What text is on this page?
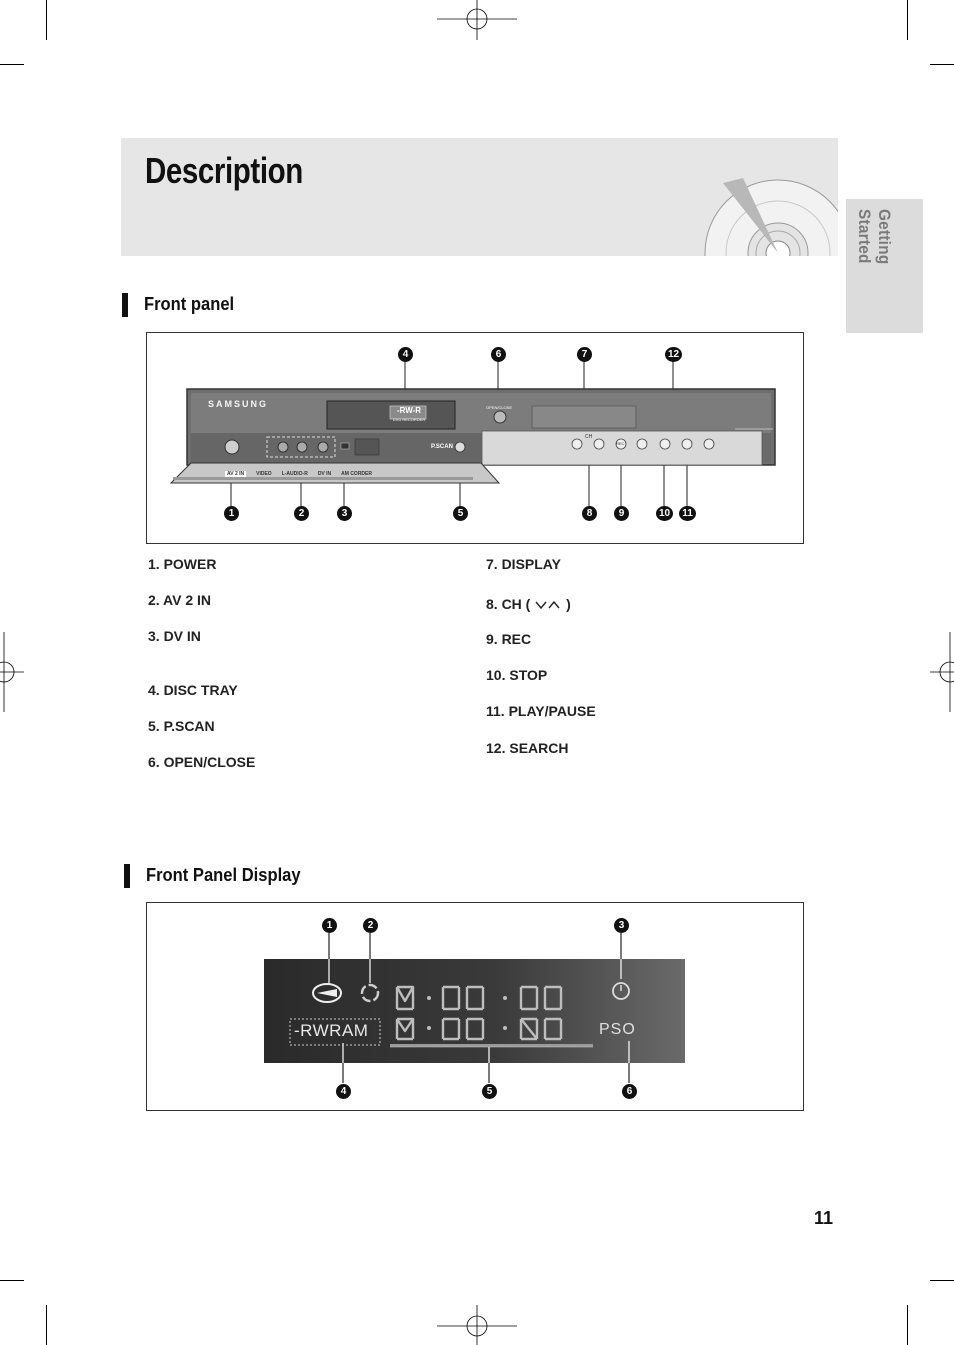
Description
Getting Started
Front panel
SAMSUNG
-RW-R
DVD RECORDER
OPEN/CLOSE
P.SCAN
CH
REC
AV 2 IN	VIDEO L-AUDIO-R DV IN AM CORDER
4	6	7	12
1	2	3	5	8	9	10	11
1. POWER
2. AV 2 IN
3. DV IN
4. DISC TRAY
5. P.SCAN
6. OPEN/CLOSE
7. DISPLAY
8. CH (	)
9. REC
10. STOP
11. PLAY/PAUSE
12. SEARCH
Front Panel Display
-RWRAM	PSO
1	2	3
4	5	6
11
